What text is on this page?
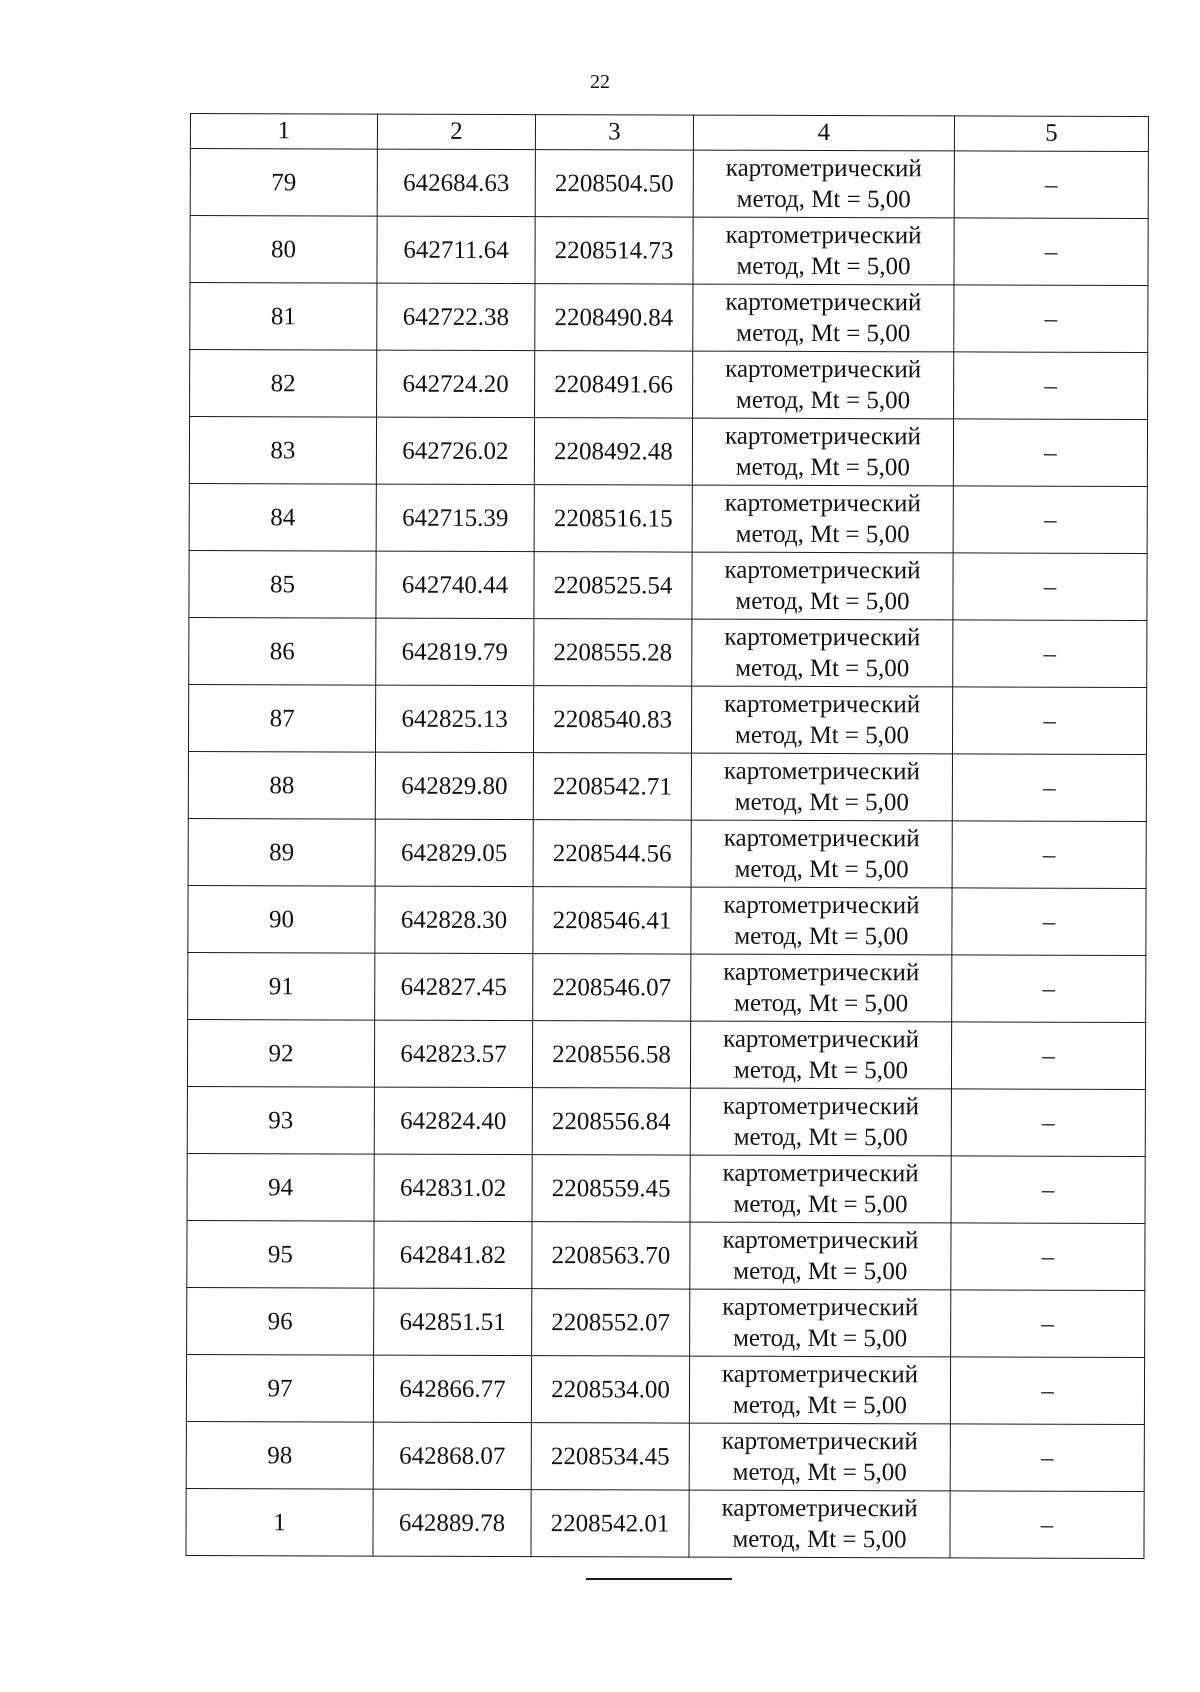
22
1	2	3	4	5
79	642684.63	2208504.50	картометрический
метод, Mt = 5,00	–
80	642711.64	2208514.73	картометрический
метод, Mt = 5,00	–
81	642722.38	2208490.84	картометрический
метод, Mt = 5,00	–
82	642724.20	2208491.66	картометрический
метод, Mt = 5,00	–
83	642726.02	2208492.48	картометрический
метод, Mt = 5,00	–
84	642715.39	2208516.15	картометрический
метод, Mt = 5,00	–
85	642740.44	2208525.54	картометрический
метод, Mt = 5,00	–
86	642819.79	2208555.28	картометрический
метод, Mt = 5,00	–
87	642825.13	2208540.83	картометрический
метод, Mt = 5,00	–
88	642829.80	2208542.71	картометрический
метод, Mt = 5,00	–
89	642829.05	2208544.56	картометрический
метод, Mt = 5,00	–
90	642828.30	2208546.41	картометрический
метод, Mt = 5,00	–
91	642827.45	2208546.07	картометрический
метод, Mt = 5,00	–
92	642823.57	2208556.58	картометрический
метод, Mt = 5,00	–
93	642824.40	2208556.84	картометрический
метод, Mt = 5,00	–
94	642831.02	2208559.45	картометрический
метод, Mt = 5,00	–
95	642841.82	2208563.70	картометрический
метод, Mt = 5,00	–
96	642851.51	2208552.07	картометрический
метод, Mt = 5,00	–
97	642866.77	2208534.00	картометрический
метод, Mt = 5,00	–
98	642868.07	2208534.45	картометрический
метод, Mt = 5,00	–
1	642889.78	2208542.01	картометрический
метод, Mt = 5,00	–
